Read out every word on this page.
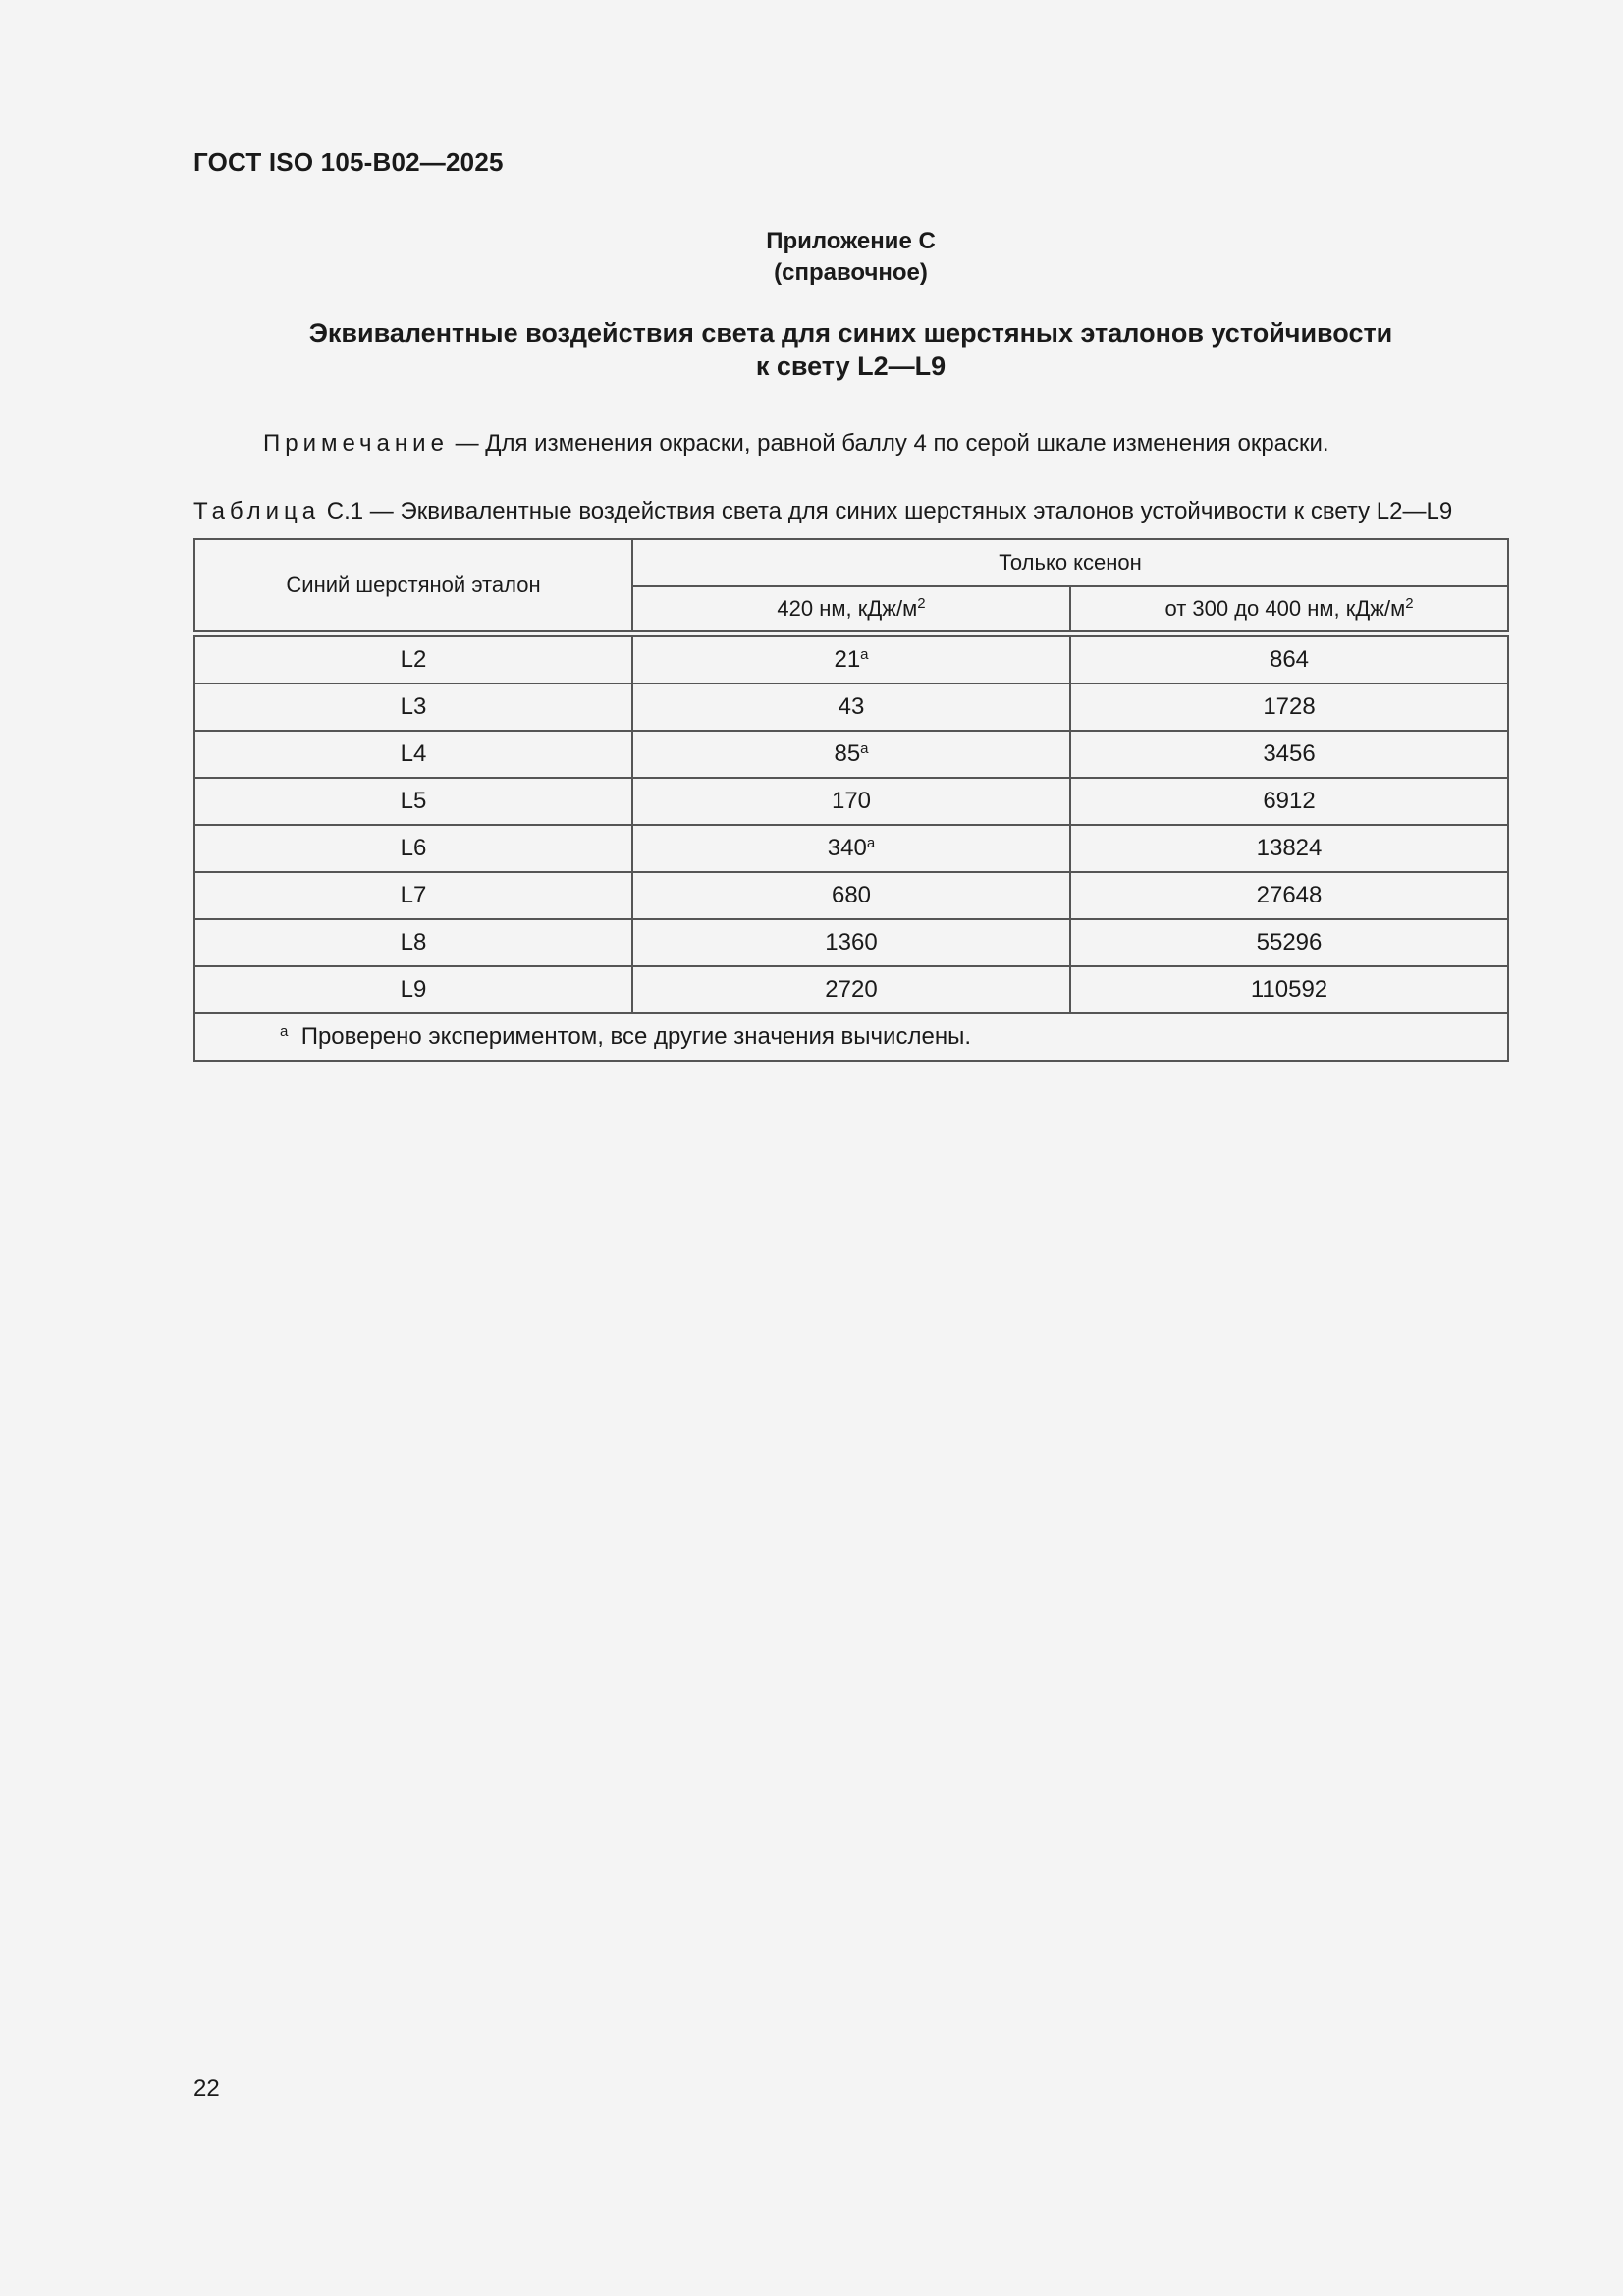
ГОСТ ISO 105-B02—2025
Приложение С
(справочное)
Эквивалентные воздействия света для синих шерстяных эталонов устойчивости
к свету L2—L9
Примечание — Для изменения окраски, равной баллу 4 по серой шкале изменения окраски.
Таблица С.1 — Эквивалентные воздействия света для синих шерстяных эталонов устойчивости к свету L2—L9
Синий шерстяной эталон	Только ксенон	
	420 нм, кДж/$м^2$	от 300 до 400 нм, кДж/$м^2$

L2	21$^a$	864
L3	43	1728
L4	85$^a$	3456
L5	170	6912
L6	340$^a$	13824
L7	680	27648
L8	1360	55296
L9	2720	110592
$^a$ Проверено экспериментом, все другие значения вычислены.		
22
